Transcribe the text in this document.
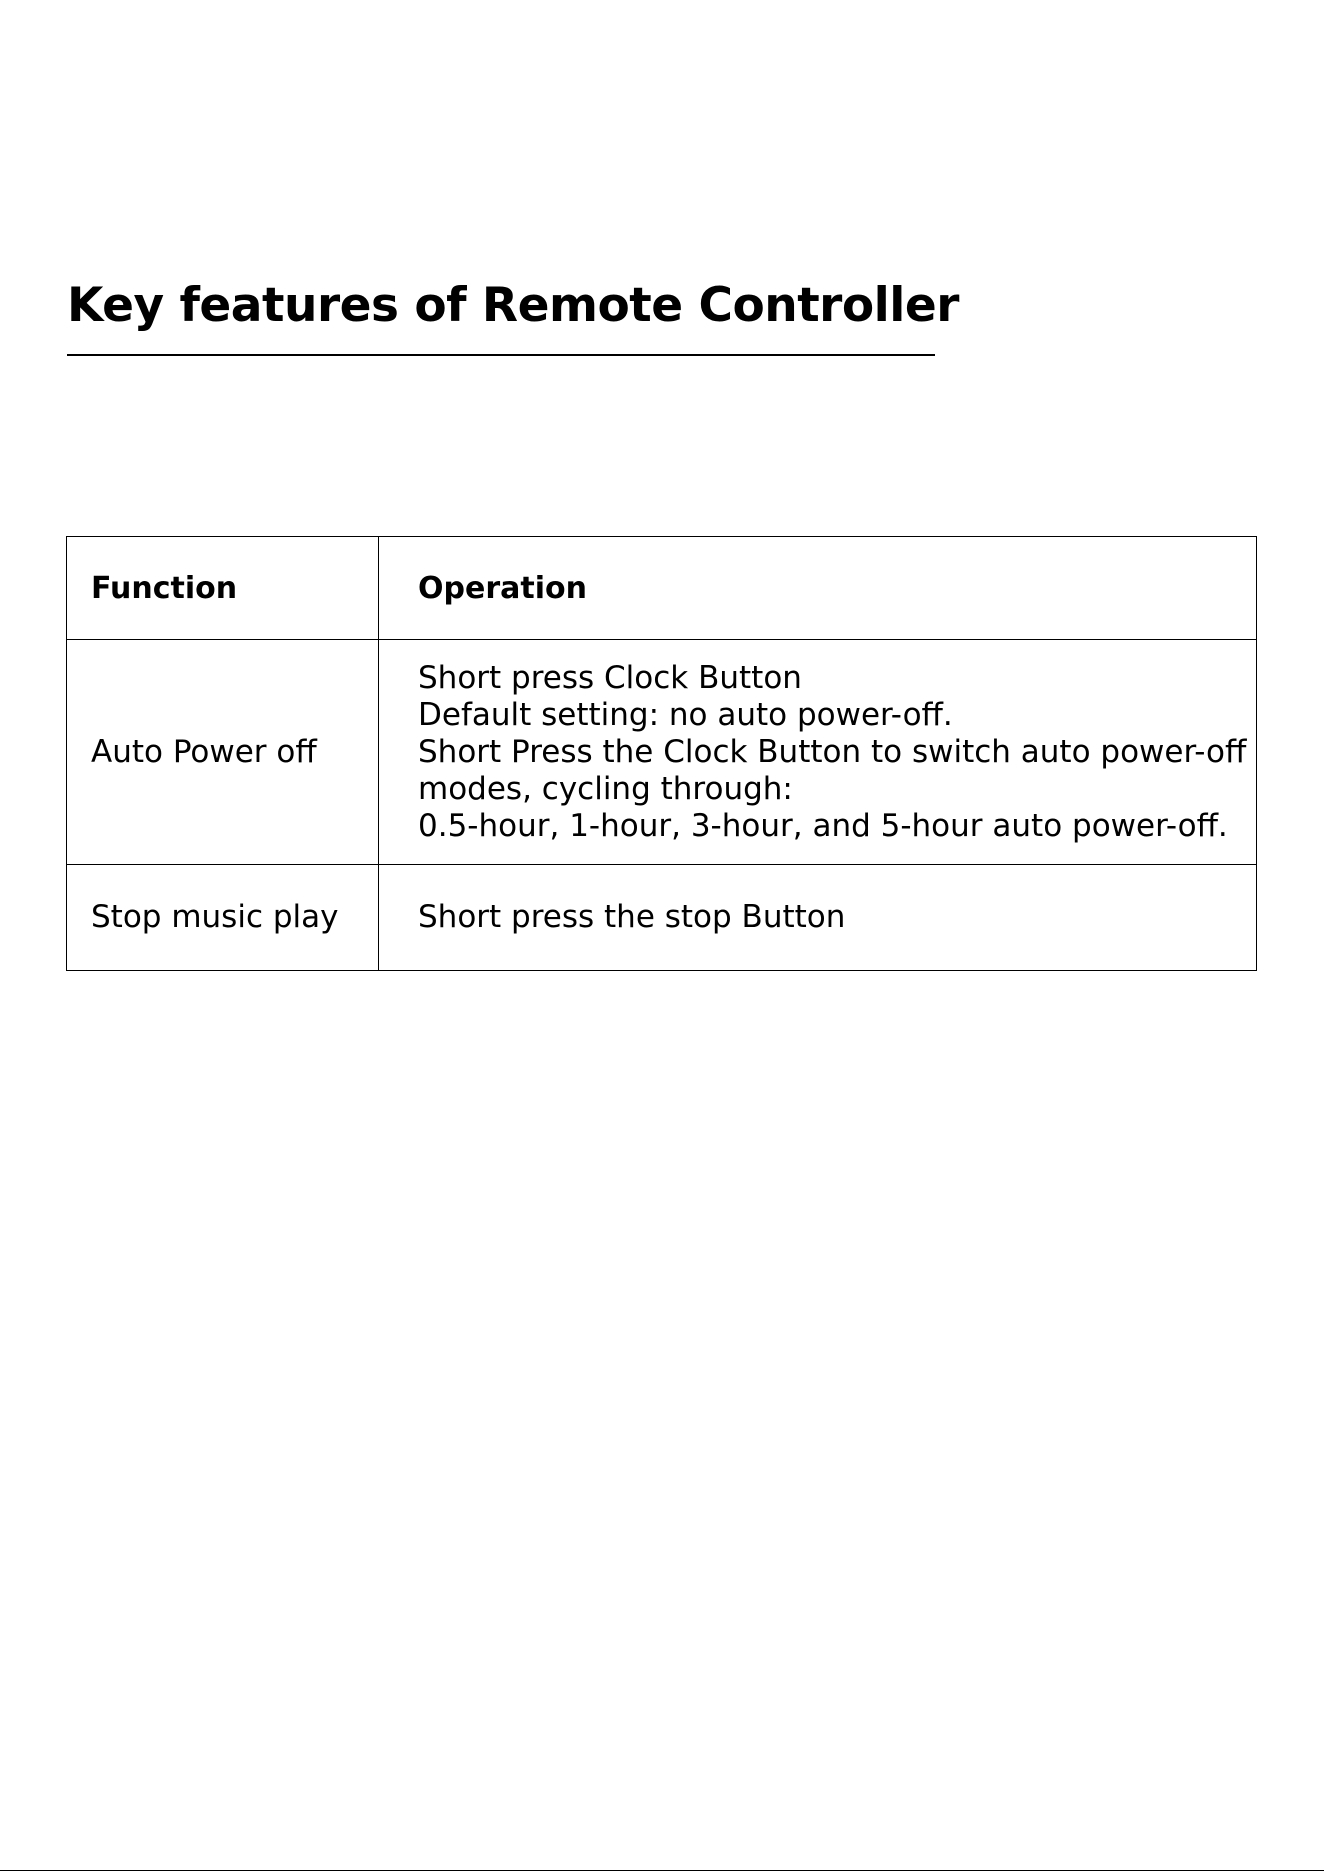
Key features of Remote Controller
Function	Operation
Auto Power off	Short press Clock Button
Default setting: no auto power-off.
Short Press the Clock Button to switch auto power-off
modes, cycling through:
0.5-hour, 1-hour, 3-hour, and 5-hour auto power-off.

Stop music play	Short press the stop Button
